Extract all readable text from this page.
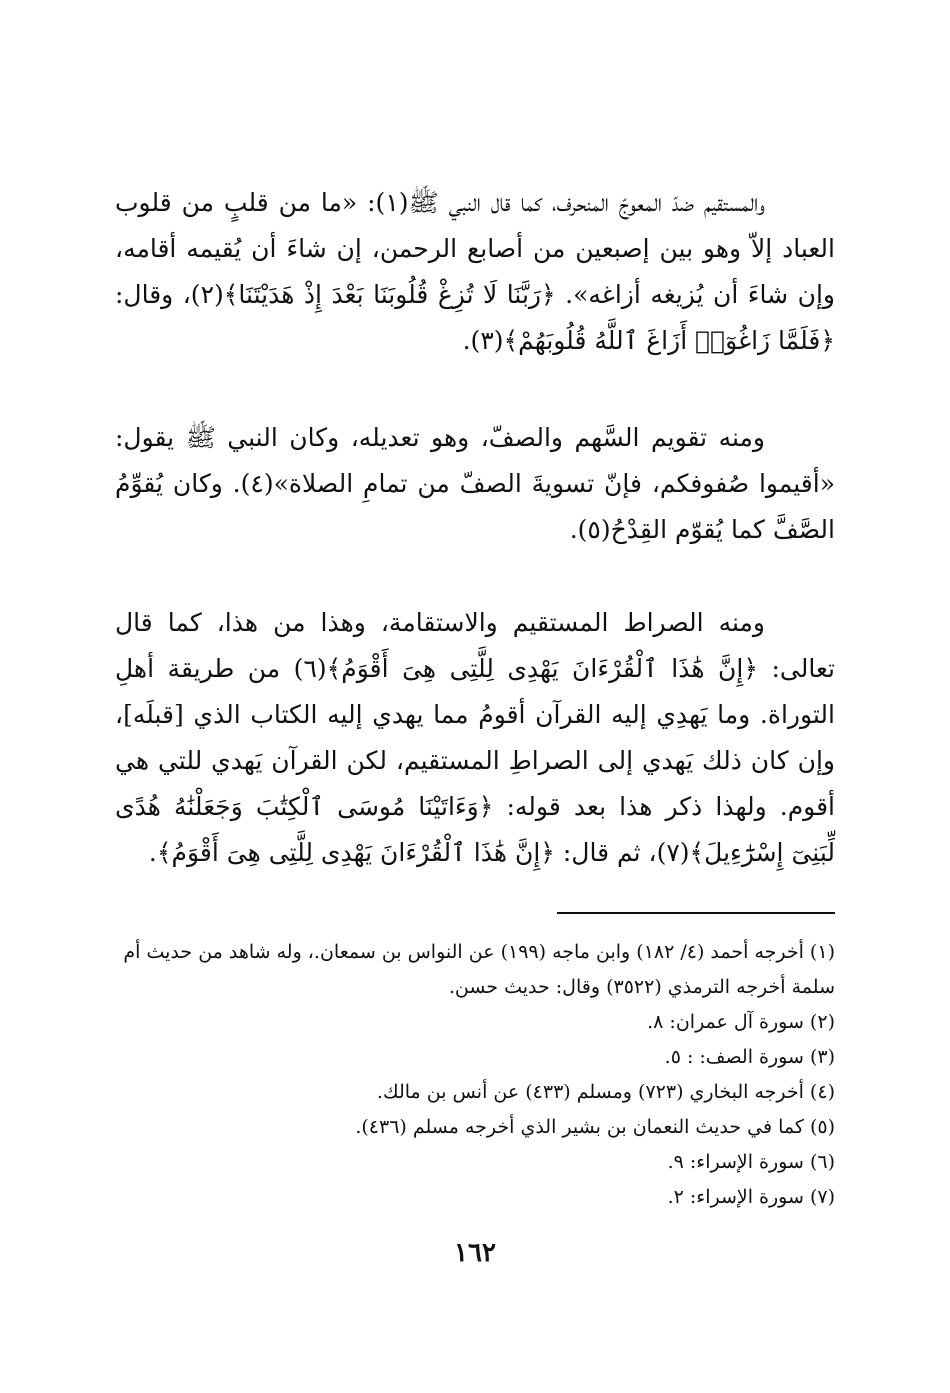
والمستقيم ضدّ المعوجّ المنحرف، كما قال النبي ﷺ(١): «ما من قلبٍ من قلوب العباد إلاّ وهو بين إصبعين من أصابع الرحمن، إن شاءَ أن يُقيمه أقامه، وإن شاءَ أن يُزيغه أزاغه». ﴿رَبَّنَا لَا تُزِغْ قُلُوبَنَا بَعْدَ إِذْ هَدَيْتَنَا﴾(٢)، وقال: ﴿فَلَمَّا زَاغُوٓا۟ أَزَاغَ ٱللَّهُ قُلُوبَهُمْ﴾(٣).

ومنه تقويم السَّهم والصفّ، وهو تعديله، وكان النبي ﷺ يقول: «أقيموا صُفوفكم، فإنّ تسويةَ الصفّ من تمامِ الصلاة»(٤). وكان يُقوِّمُ الصَّفَّ كما يُقوّم القِدْحُ(٥).

ومنه الصراط المستقيم والاستقامة، وهذا من هذا، كما قال تعالى: ﴿إِنَّ هَٰذَا ٱلْقُرْءَانَ يَهْدِى لِلَّتِى هِىَ أَقْوَمُ﴾(٦) من طريقة أهلِ التوراة. وما يَهدِي إليه القرآن أقومُ مما يهدي إليه الكتاب الذي [قبلَه]، وإن كان ذلك يَهدي إلى الصراطِ المستقيم، لكن القرآن يَهدي للتي هي أقوم. ولهذا ذكر هذا بعد قوله: ﴿وَءَاتَيْنَا مُوسَى ٱلْكِتَٰبَ وَجَعَلْنَٰهُ هُدًى لِّبَنِىٓ إِسْرَٰٓءِيلَ﴾(٧)، ثم قال: ﴿إِنَّ هَٰذَا ٱلْقُرْءَانَ يَهْدِى لِلَّتِى هِىَ أَقْوَمُ﴾.

(١) أخرجه أحمد (٤/ ١٨٢) وابن ماجه (١٩٩) عن النواس بن سمعان.، وله شاهد من حديث أم سلمة أخرجه الترمذي (٣٥٢٢) وقال: حديث حسن.
(٢) سورة آل عمران: ٨.
(٣) سورة الصف: : ٥.
(٤) أخرجه البخاري (٧٢٣) ومسلم (٤٣٣) عن أنس بن مالك.
(٥) كما في حديث النعمان بن بشير الذي أخرجه مسلم (٤٣٦).
(٦) سورة الإسراء: ٩.
(٧) سورة الإسراء: ٢.
١٦٢
